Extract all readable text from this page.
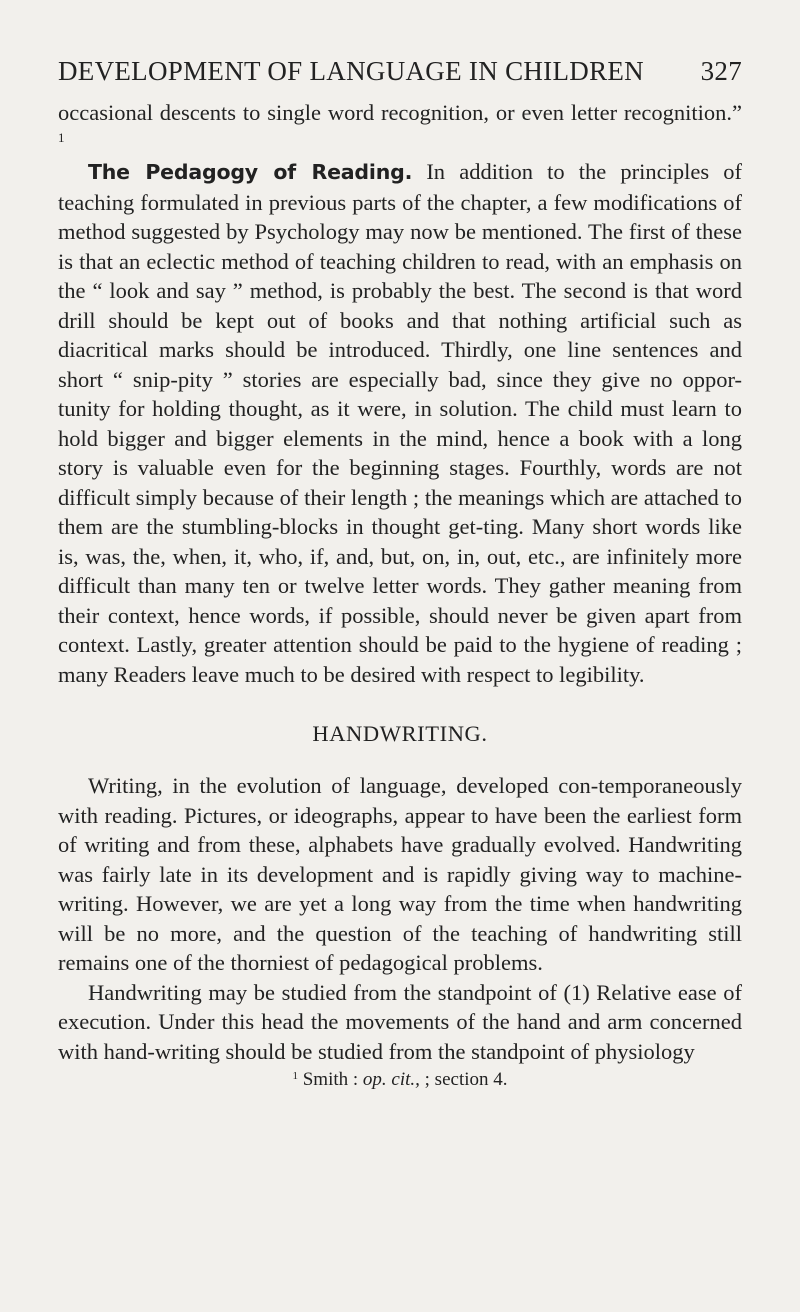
DEVELOPMENT OF LANGUAGE IN CHILDREN 327

occasional descents to single word recognition, or even letter recognition.” $^1$

The Pedagogy of Reading. In addition to the principles of teaching formulated in previous parts of the chapter, a few modifications of method suggested by Psychology may now be mentioned. The first of these is that an eclectic method of teaching children to read, with an emphasis on the “ look and say ” method, is probably the best. The second is that word drill should be kept out of books and that nothing artificial such as diacritical marks should be introduced. Thirdly, one line sentences and short “ snip-pity ” stories are especially bad, since they give no oppor-tunity for holding thought, as it were, in solution. The child must learn to hold bigger and bigger elements in the mind, hence a book with a long story is valuable even for the beginning stages. Fourthly, words are not difficult simply because of their length ; the meanings which are attached to them are the stumbling-blocks in thought get-ting. Many short words like is, was, the, when, it, who, if, and, but, on, in, out, etc., are infinitely more difficult than many ten or twelve letter words. They gather meaning from their context, hence words, if possible, should never be given apart from context. Lastly, greater attention should be paid to the hygiene of reading ; many Readers leave much to be desired with respect to legibility.

HANDWRITING.

Writing, in the evolution of language, developed con-temporaneously with reading. Pictures, or ideographs, appear to have been the earliest form of writing and from these, alphabets have gradually evolved. Handwriting was fairly late in its development and is rapidly giving way to machine-writing. However, we are yet a long way from the time when handwriting will be no more, and the question of the teaching of handwriting still remains one of the thorniest of pedagogical problems.

Handwriting may be studied from the standpoint of (1) Relative ease of execution. Under this head the movements of the hand and arm concerned with hand-writing should be studied from the standpoint of physiology

$^1$ Smith : op. cit., ; section 4.
